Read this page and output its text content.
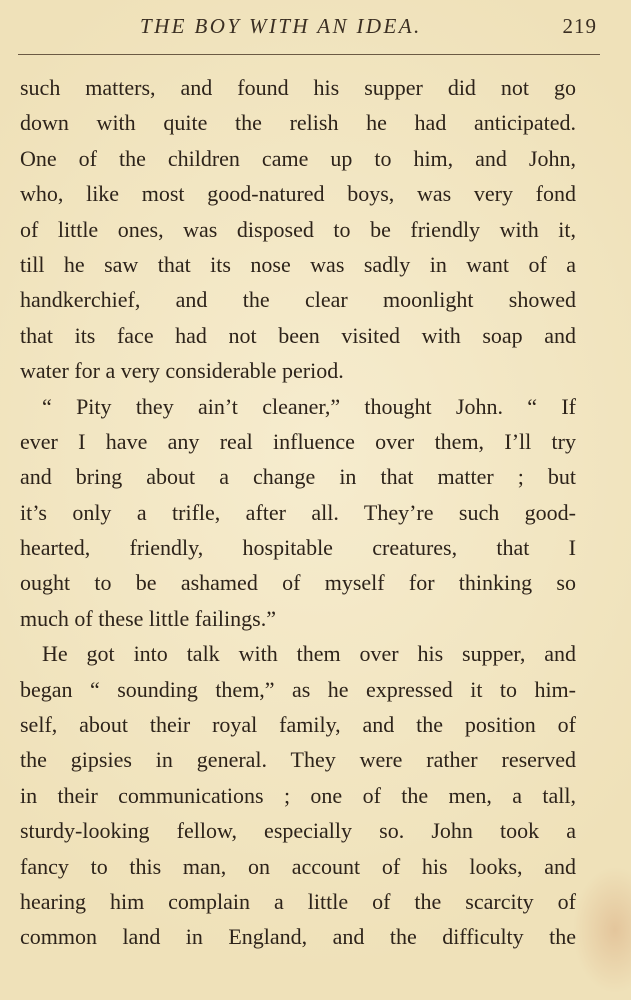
THE BOY WITH AN IDEA.	219
such matters, and found his supper did not go
down with quite the relish he had anticipated.
One of the children came up to him, and John,
who, like most good-natured boys, was very fond
of little ones, was disposed to be friendly with it,
till he saw that its nose was sadly in want of a
handkerchief, and the clear moonlight showed
that its face had not been visited with soap and
water for a very considerable period.
“ Pity they ain’t cleaner,” thought John. “ If
ever I have any real influence over them, I’ll try
and bring about a change in that matter ; but
it’s only a trifle, after all. They’re such good-
hearted, friendly, hospitable creatures, that I
ought to be ashamed of myself for thinking so
much of these little failings.”
He got into talk with them over his supper, and
began “ sounding them,” as he expressed it to him-
self, about their royal family, and the position of
the gipsies in general. They were rather reserved
in their communications ; one of the men, a tall,
sturdy-looking fellow, especially so. John took a
fancy to this man, on account of his looks, and
hearing him complain a little of the scarcity of
common land in England, and the difficulty the
